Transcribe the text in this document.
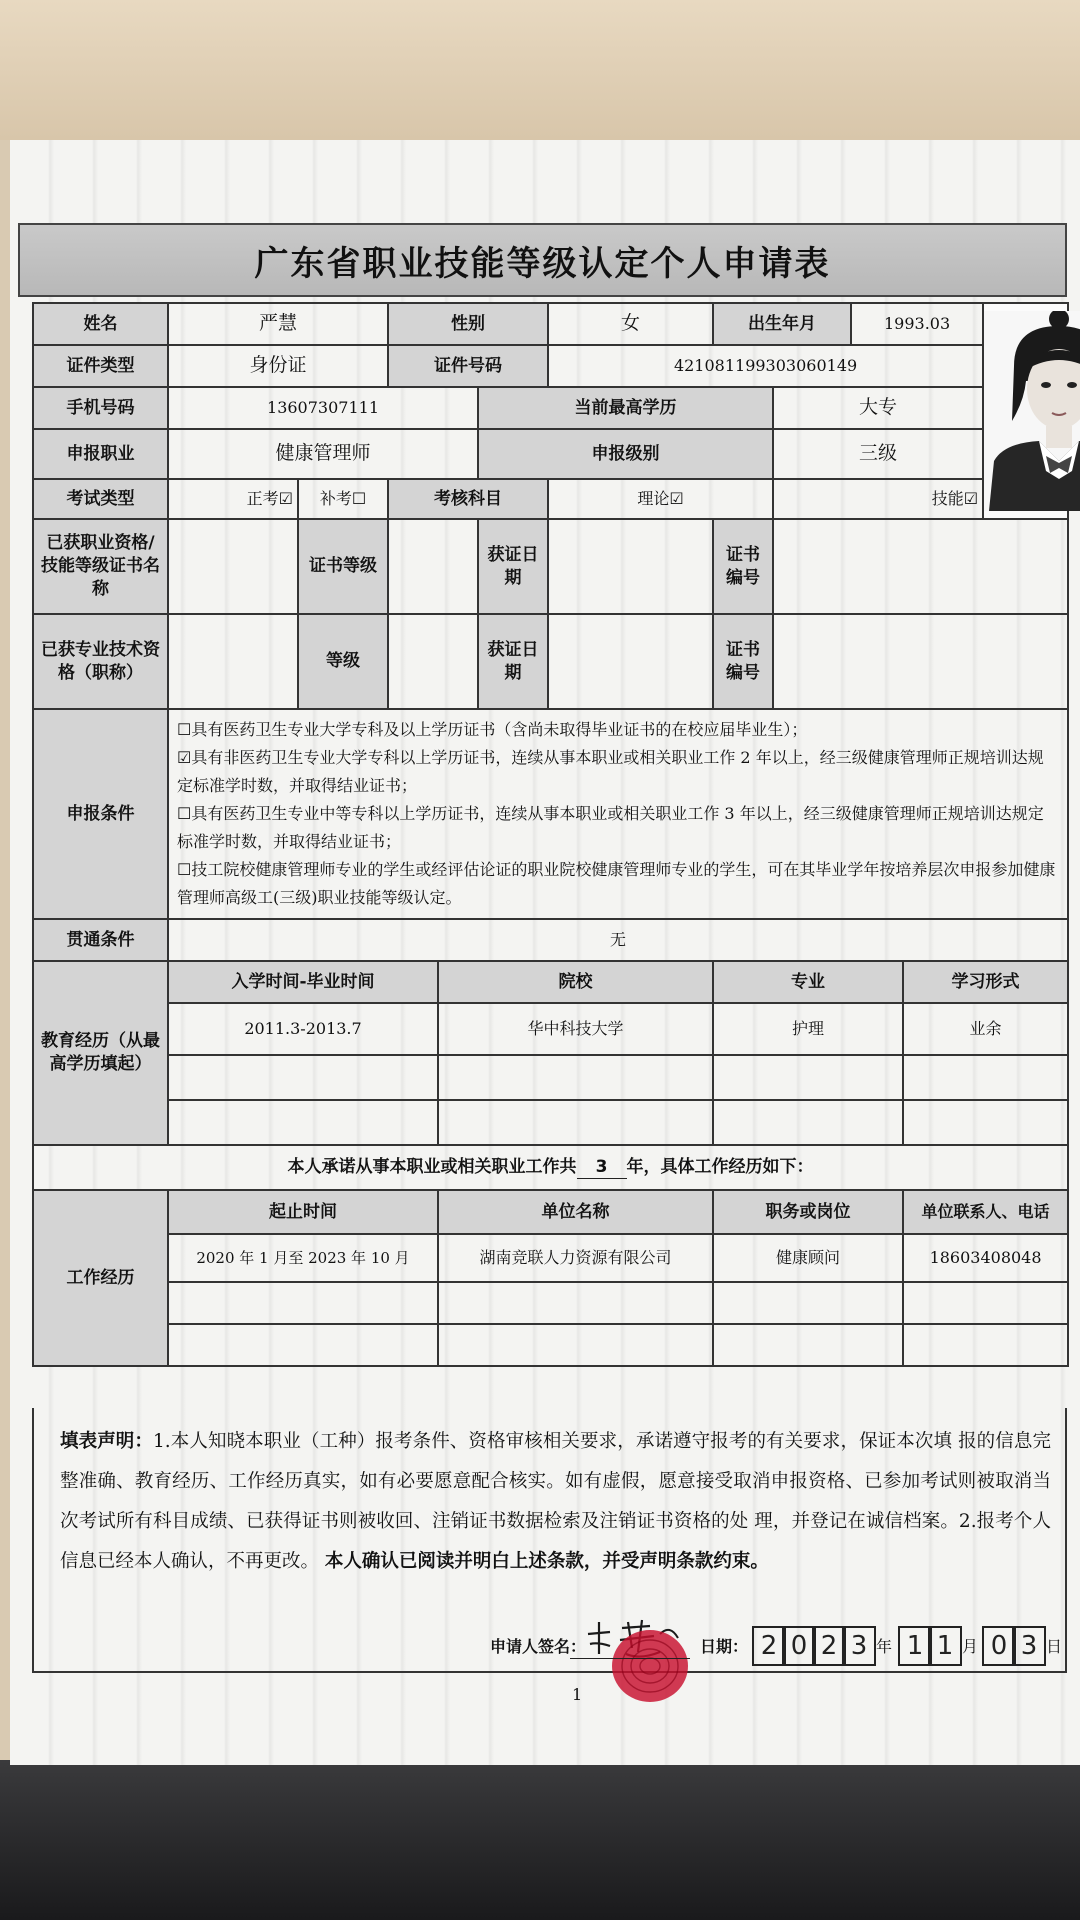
广东省职业技能等级认定个人申请表
姓名	严慧		性别			女	出生年月		1993.03	

证件类型	身份证		证件号码			421081199303060149					
手机号码	13607307111				当前最高学历			大专			
申报职业	健康管理师				申报级别			三级			
考试类型	正考☑	补考☐	考核科目			理论☑		技能☑			
已获职业资格/技能等级证书名称		证书等级			获证日期		证书编号				
已获专业技术资格（职称）		等级			获证日期		证书编号				
申报条件	☐具有医药卫生专业大学专科及以上学历证书（含尚未取得毕业证书的在校应届毕业生）；
☑具有非医药卫生专业大学专科以上学历证书，连续从事本职业或相关职业工作 2 年以上，经三级健康管理师正规培训达规定标准学时数，并取得结业证书；
☐具有医药卫生专业中等专科以上学历证书，连续从事本职业或相关职业工作 3 年以上，经三级健康管理师正规培训达规定标准学时数，并取得结业证书；
☐技工院校健康管理师专业的学生或经评估论证的职业院校健康管理师专业的学生，可在其毕业学年按培养层次申报参加健康管理师高级工(三级)职业技能等级认定。										

贯通条件	无										
教育经历（从最高学历填起）	入学时间-毕业时间			院校			专业			学习形式	
	2011.3-2013.7			华中科技大学			护理			业余	

本人承诺从事本职业或相关职业工作共 3 年，具体工作经历如下：											
工作经历	起止时间			单位名称			职务或岗位			单位联系人、电话	
	2020 年 1 月至 2023 年 10 月			湖南竞联人力资源有限公司			健康顾问			18603408048	

填表声明：1.本人知晓本职业（工种）报考条件、资格审核相关要求，承诺遵守报考的有关要求，保证本次填 报的信息完整准确、教育经历、工作经历真实，如有必要愿意配合核实。如有虚假，愿意接受取消申报资格、已参加考试则被取消当次考试所有科目成绩、已获得证书则被收回、注销证书数据检索及注销证书资格的处 理，并登记在诚信档案。2.报考个人信息已经本人确认，不再更改。 本人确认已阅读并明白上述条款，并受声明条款约束。
申请人签名：	日期： 2 0 2 3 年 1 1 月 0 3 日
1
